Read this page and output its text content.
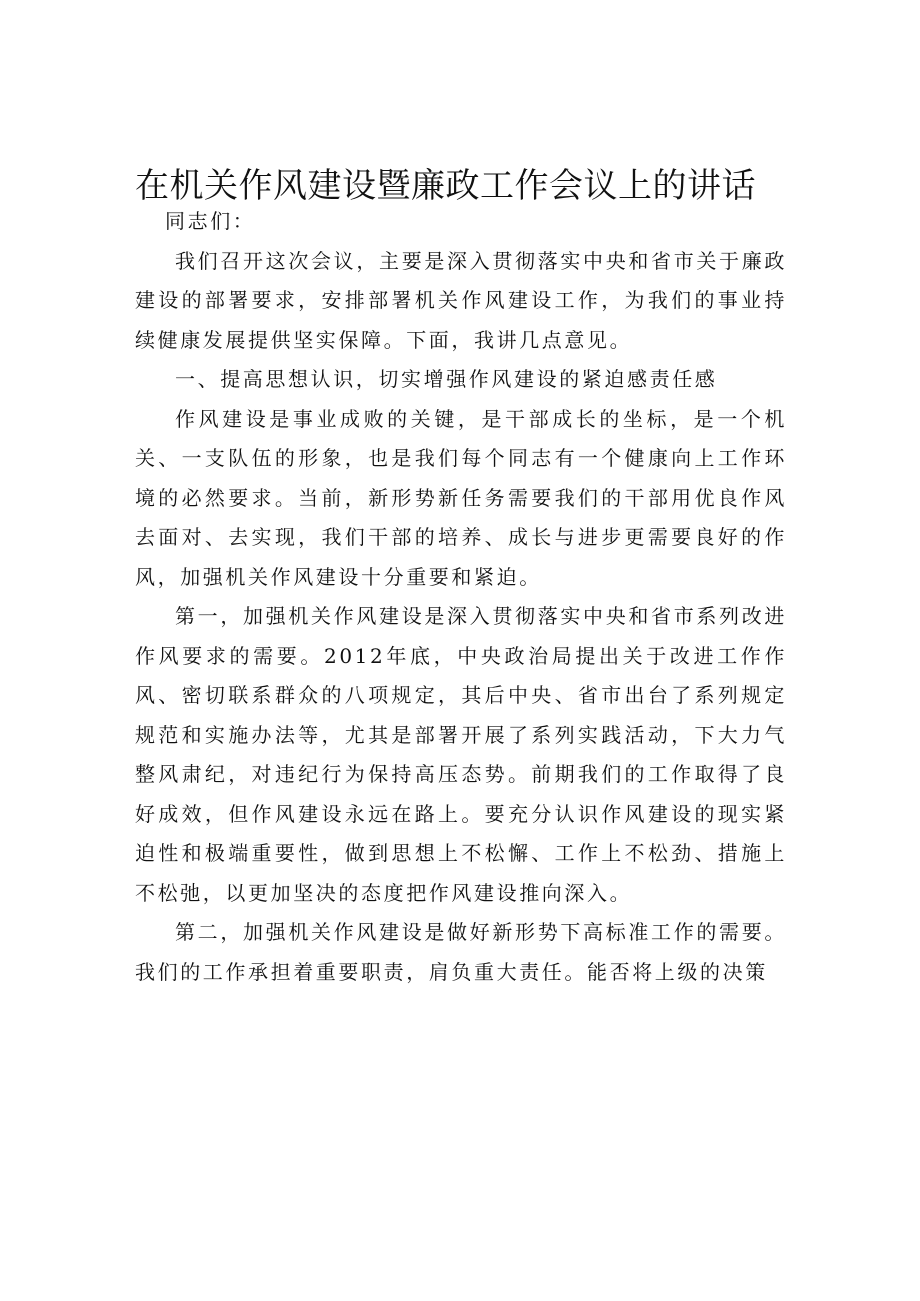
在机关作风建设暨廉政工作会议上的讲话

同志们：

我们召开这次会议，主要是深入贯彻落实中央和省市关于廉政建设的部署要求，安排部署机关作风建设工作，为我们的事业持续健康发展提供坚实保障。下面，我讲几点意见。

一、提高思想认识，切实增强作风建设的紧迫感责任感

作风建设是事业成败的关键，是干部成长的坐标，是一个机关、一支队伍的形象，也是我们每个同志有一个健康向上工作环境的必然要求。当前，新形势新任务需要我们的干部用优良作风去面对、去实现，我们干部的培养、成长与进步更需要良好的作风，加强机关作风建设十分重要和紧迫。

第一，加强机关作风建设是深入贯彻落实中央和省市系列改进作风要求的需要。2012年底，中央政治局提出关于改进工作作风、密切联系群众的八项规定，其后中央、省市出台了系列规定规范和实施办法等，尤其是部署开展了系列实践活动，下大力气整风肃纪，对违纪行为保持高压态势。前期我们的工作取得了良好成效，但作风建设永远在路上。要充分认识作风建设的现实紧迫性和极端重要性，做到思想上不松懈、工作上不松劲、措施上不松弛，以更加坚决的态度把作风建设推向深入。

第二，加强机关作风建设是做好新形势下高标准工作的需要。我们的工作承担着重要职责，肩负重大责任。能否将上级的决策
